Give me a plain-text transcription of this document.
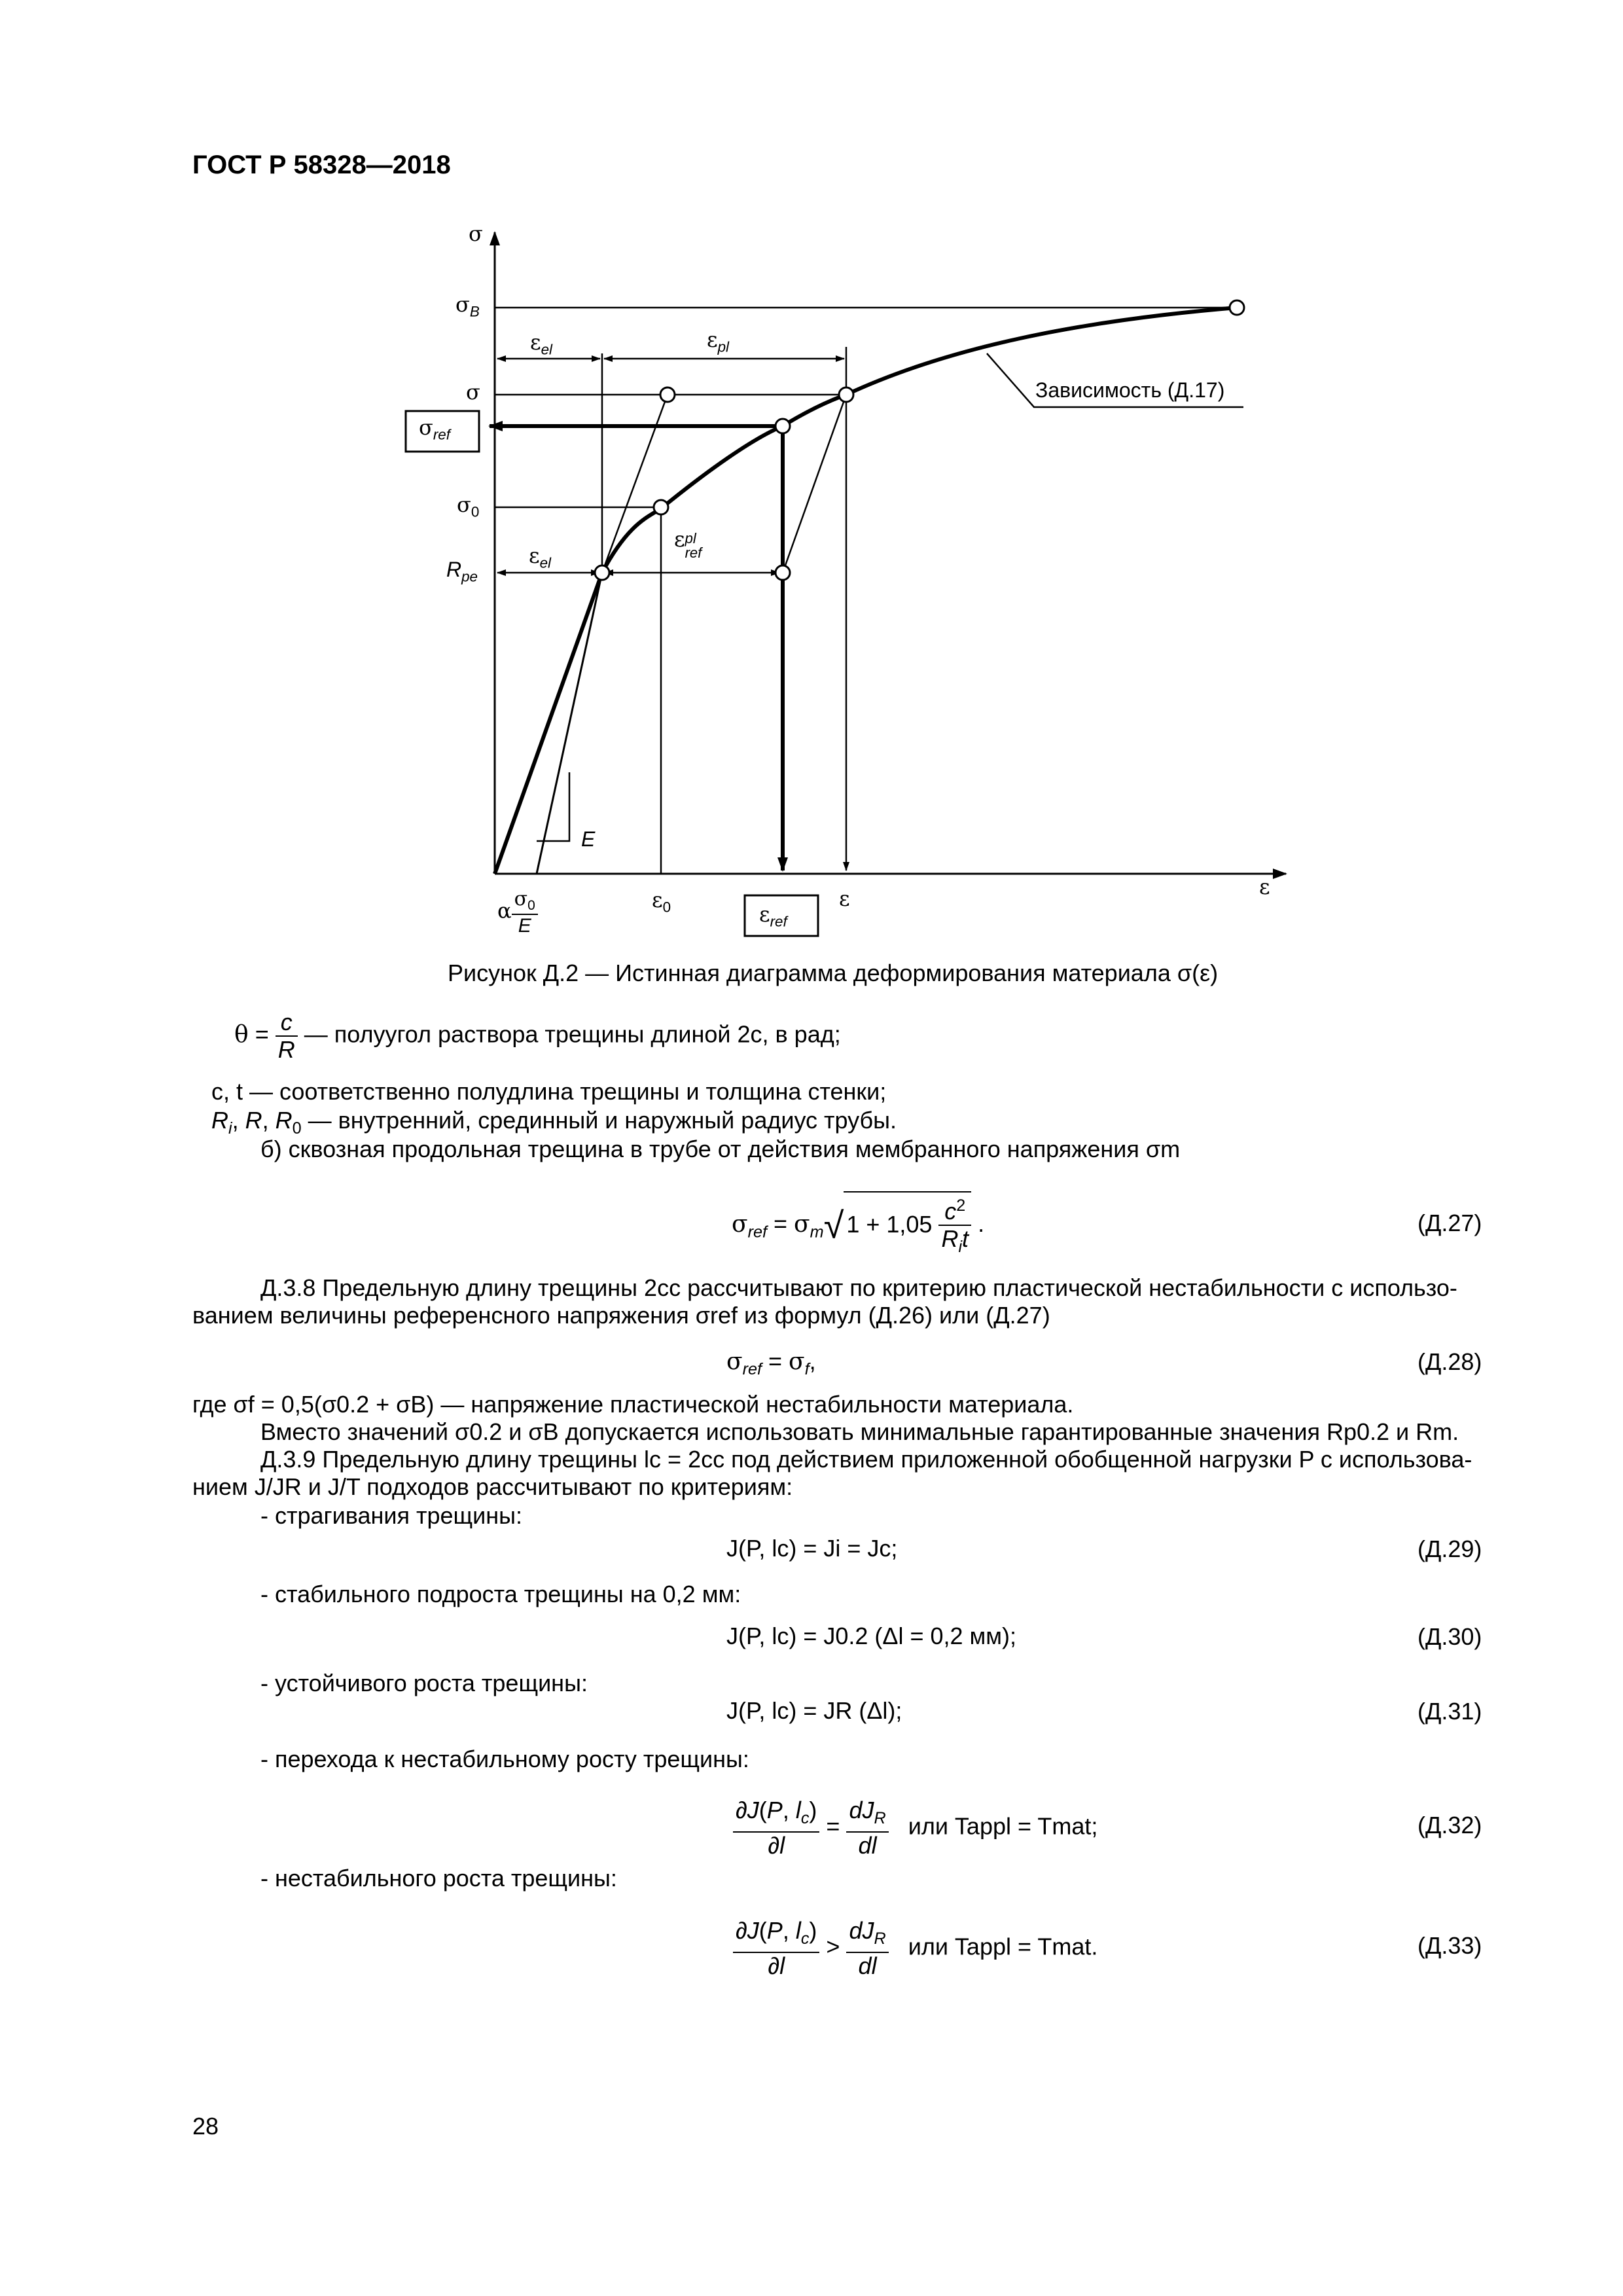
ГОСТ Р 58328—2018
σ
ε
$\sigma_B$
σ
$\sigma_{ref}$
$\sigma_0$
$R_{pe}$
$\varepsilon_{el}$	$\varepsilon_{pl}$
$\varepsilon_{el}$
εpl
ref
E
α $\frac{\sigma_0}{E}$	$\varepsilon_0$	$\varepsilon_{ref}$
ε
Зависимость (Д.17)
Рисунок Д.2 — Истинная диаграмма деформирования материала σ(ε)
$\theta = \frac{c}{R}$ — полуугол раствора трещины длиной 2c, в рад;
c, t — соответственно полудлина трещины и толщина стенки;
$R_i$, R, $R_0$ — внутренний, срединный и наружный радиус трубы.
б) сквозная продольная трещина в трубе от действия мембранного напряжения σm
$\sigma_{ref} = \sigma_m√$ $1 + 1,05 \frac{c^2}{R_it}$ .	(Д.27)
Д.3.8 Предельную длину трещины 2cc рассчитывают по критерию пластической нестабильности с использо-
ванием величины референсного напряжения σref из формул (Д.26) или (Д.27)
$\sigma_{ref} = \sigma_f$,	(Д.28)
где σf = 0,5(σ0.2 + σB) — напряжение пластической нестабильности материала.
Вместо значений σ0.2 и σB допускается использовать минимальные гарантированные значения Rp0.2 и Rm.
Д.3.9 Предельную длину трещины lc = 2cc под действием приложенной обобщенной нагрузки P с использова-
нием J/JR и J/T подходов рассчитывают по критериям:
- страгивания трещины:
J(P, lc) = Ji = Jc;	(Д.29)
- стабильного подроста трещины на 0,2 мм:
J(P, lc) = J0.2 (Δl = 0,2 мм);	(Д.30)
- устойчивого роста трещины:
J(P, lc) = JR (Δl);	(Д.31)
- перехода к нестабильному росту трещины:
$\frac{\partial J(P, l_c)}{\partial l} = \frac{dJ_R}{dl}$ или Tappl = Tmat;	(Д.32)
- нестабильного роста трещины:
$\frac{\partial J(P, l_c)}{\partial l} > \frac{dJ_R}{dl}$ или Tappl = Tmat.	(Д.33)
28
